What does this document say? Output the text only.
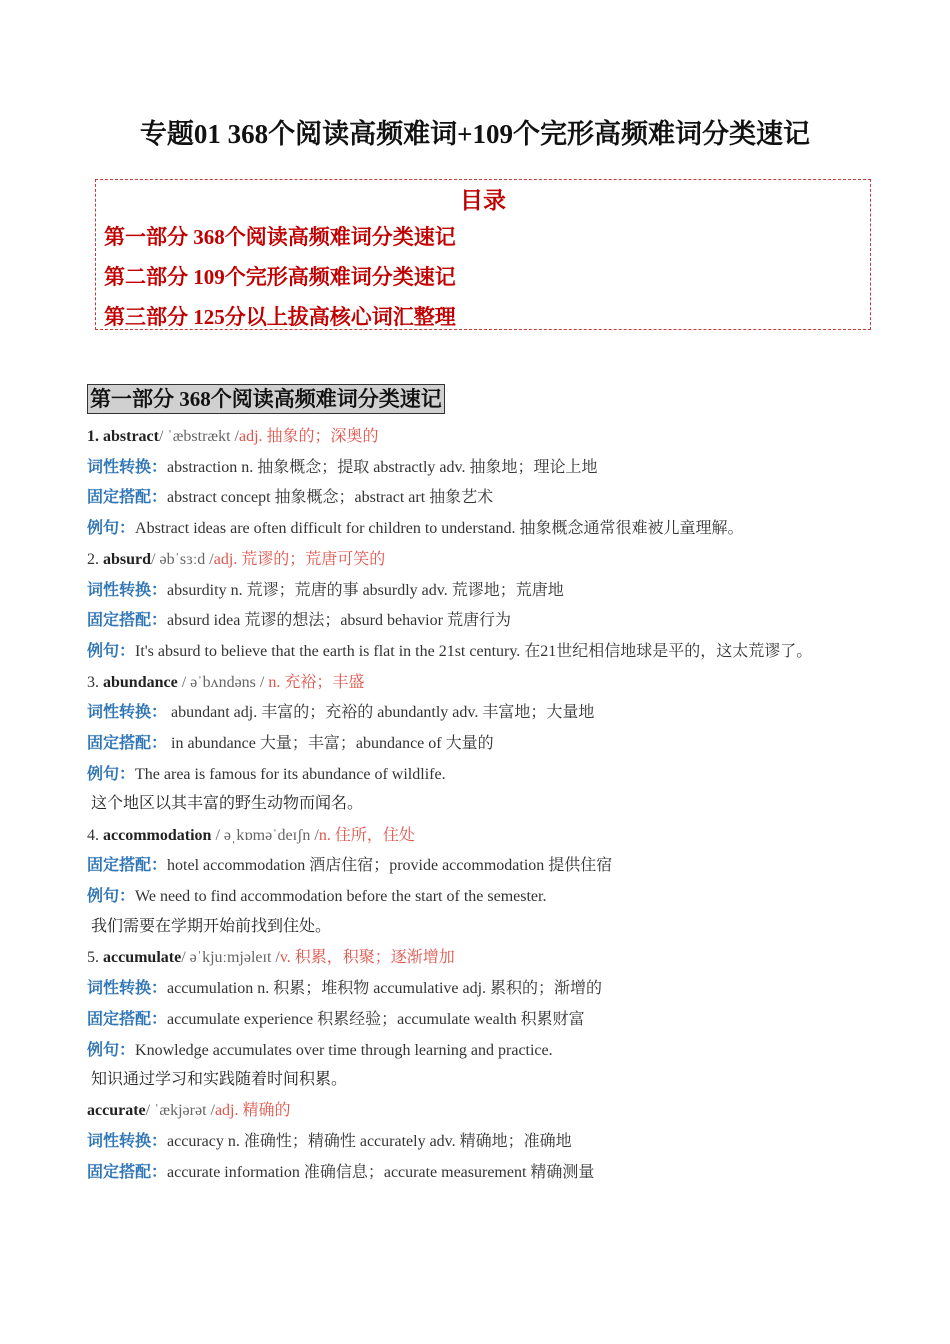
专题01 368个阅读高频难词+109个完形高频难词分类速记
目录
第一部分 368个阅读高频难词分类速记
第二部分 109个完形高频难词分类速记
第三部分 125分以上拔高核心词汇整理
第一部分 368个阅读高频难词分类速记
1. abstract/ ˈæbstrækt /adj. 抽象的；深奥的
词性转换：abstraction n. 抽象概念；提取 abstractly adv. 抽象地；理论上地
固定搭配：abstract concept 抽象概念；abstract art 抽象艺术
例句：Abstract ideas are often difficult for children to understand. 抽象概念通常很难被儿童理解。
2. absurd/ əbˈsɜːd /adj. 荒谬的；荒唐可笑的
词性转换：absurdity n. 荒谬；荒唐的事 absurdly adv. 荒谬地；荒唐地
固定搭配：absurd idea 荒谬的想法；absurd behavior 荒唐行为
例句：It's absurd to believe that the earth is flat in the 21st century. 在21世纪相信地球是平的，这太荒谬了。
3. abundance / əˈbʌndəns / n. 充裕；丰盛
词性转换： abundant adj. 丰富的；充裕的 abundantly adv. 丰富地；大量地
固定搭配： in abundance 大量；丰富；abundance of 大量的
例句：The area is famous for its abundance of wildlife.
这个地区以其丰富的野生动物而闻名。
4. accommodation / əˌkɒməˈdeɪʃn /n. 住所，住处
固定搭配：hotel accommodation 酒店住宿；provide accommodation 提供住宿
例句：We need to find accommodation before the start of the semester.
我们需要在学期开始前找到住处。
5. accumulate/ əˈkjuːmjəleɪt /v. 积累，积聚；逐渐增加
词性转换：accumulation n. 积累；堆积物 accumulative adj. 累积的；渐增的
固定搭配：accumulate experience 积累经验；accumulate wealth 积累财富
例句：Knowledge accumulates over time through learning and practice.
知识通过学习和实践随着时间积累。
accurate/ ˈækjərət /adj. 精确的
词性转换：accuracy n. 准确性；精确性 accurately adv. 精确地；准确地
固定搭配：accurate information 准确信息；accurate measurement 精确测量
